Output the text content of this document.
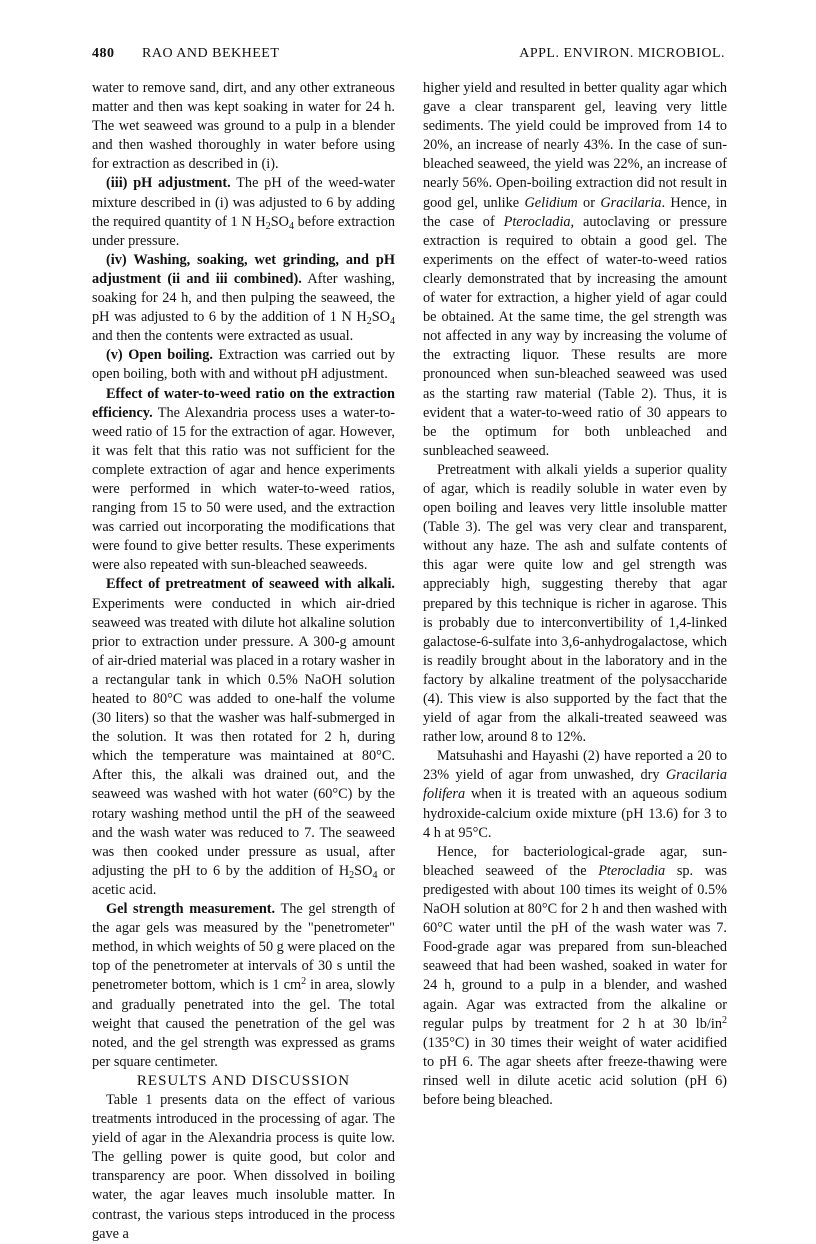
480 RAO AND BEKHEET	APPL. ENVIRON. MICROBIOL.

water to remove sand, dirt, and any other extraneous matter and then was kept soaking in water for 24 h. The wet seaweed was ground to a pulp in a blender and then washed thoroughly in water before using for extraction as described in (i).

(iii) pH adjustment. The pH of the weed-water mixture described in (i) was adjusted to 6 by adding the required quantity of 1 N $H_2SO_4$ before extraction under pressure.

(iv) Washing, soaking, wet grinding, and pH adjustment (ii and iii combined). After washing, soaking for 24 h, and then pulping the seaweed, the pH was adjusted to 6 by the addition of 1 N $H_2SO_4$ and then the contents were extracted as usual.

(v) Open boiling. Extraction was carried out by open boiling, both with and without pH adjustment.

Effect of water-to-weed ratio on the extraction efficiency. The Alexandria process uses a water-to-weed ratio of 15 for the extraction of agar. However, it was felt that this ratio was not sufficient for the complete extraction of agar and hence experiments were performed in which water-to-weed ratios, ranging from 15 to 50 were used, and the extraction was carried out incorporating the modifications that were found to give better results. These experiments were also repeated with sun-bleached seaweeds.

Effect of pretreatment of seaweed with alkali. Experiments were conducted in which air-dried seaweed was treated with dilute hot alkaline solution prior to extraction under pressure. A 300-g amount of air-dried material was placed in a rotary washer in a rectangular tank in which 0.5% NaOH solution heated to 80°C was added to one-half the volume (30 liters) so that the washer was half-submerged in the solution. It was then rotated for 2 h, during which the temperature was maintained at 80°C. After this, the alkali was drained out, and the seaweed was washed with hot water (60°C) by the rotary washing method until the pH of the seaweed and the wash water was reduced to 7. The seaweed was then cooked under pressure as usual, after adjusting the pH to 6 by the addition of $H_2SO_4$ or acetic acid.

Gel strength measurement. The gel strength of the agar gels was measured by the "penetrometer" method, in which weights of 50 g were placed on the top of the penetrometer at intervals of 30 s until the penetrometer bottom, which is 1 $cm^2$ in area, slowly and gradually penetrated into the gel. The total weight that caused the penetration of the gel was noted, and the gel strength was expressed as grams per square centimeter.

RESULTS AND DISCUSSION

Table 1 presents data on the effect of various treatments introduced in the processing of agar. The yield of agar in the Alexandria process is quite low. The gelling power is quite good, but color and transparency are poor. When dissolved in boiling water, the agar leaves much insoluble matter. In contrast, the various steps introduced in the process gave a

higher yield and resulted in better quality agar which gave a clear transparent gel, leaving very little sediments. The yield could be improved from 14 to 20%, an increase of nearly 43%. In the case of sun-bleached seaweed, the yield was 22%, an increase of nearly 56%. Open-boiling extraction did not result in good gel, unlike Gelidium or Gracilaria. Hence, in the case of Pterocladia, autoclaving or pressure extraction is required to obtain a good gel. The experiments on the effect of water-to-weed ratios clearly demonstrated that by increasing the amount of water for extraction, a higher yield of agar could be obtained. At the same time, the gel strength was not affected in any way by increasing the volume of the extracting liquor. These results are more pronounced when sun-bleached seaweed was used as the starting raw material (Table 2). Thus, it is evident that a water-to-weed ratio of 30 appears to be the optimum for both unbleached and sunbleached seaweed.

Pretreatment with alkali yields a superior quality of agar, which is readily soluble in water even by open boiling and leaves very little insoluble matter (Table 3). The gel was very clear and transparent, without any haze. The ash and sulfate contents of this agar were quite low and gel strength was appreciably high, suggesting thereby that agar prepared by this technique is richer in agarose. This is probably due to interconvertibility of 1,4-linked galactose-6-sulfate into 3,6-anhydrogalactose, which is readily brought about in the laboratory and in the factory by alkaline treatment of the polysaccharide (4). This view is also supported by the fact that the yield of agar from the alkali-treated seaweed was rather low, around 8 to 12%.

Matsuhashi and Hayashi (2) have reported a 20 to 23% yield of agar from unwashed, dry Gracilaria folifera when it is treated with an aqueous sodium hydroxide-calcium oxide mixture (pH 13.6) for 3 to 4 h at 95°C.

Hence, for bacteriological-grade agar, sun-bleached seaweed of the Pterocladia sp. was predigested with about 100 times its weight of 0.5% NaOH solution at 80°C for 2 h and then washed with 60°C water until the pH of the wash water was 7. Food-grade agar was prepared from sun-bleached seaweed that had been washed, soaked in water for 24 h, ground to a pulp in a blender, and washed again. Agar was extracted from the alkaline or regular pulps by treatment for 2 h at 30 $lb/in^2$ (135°C) in 30 times their weight of water acidified to pH 6. The agar sheets after freeze-thawing were rinsed well in dilute acetic acid solution (pH 6) before being bleached.
